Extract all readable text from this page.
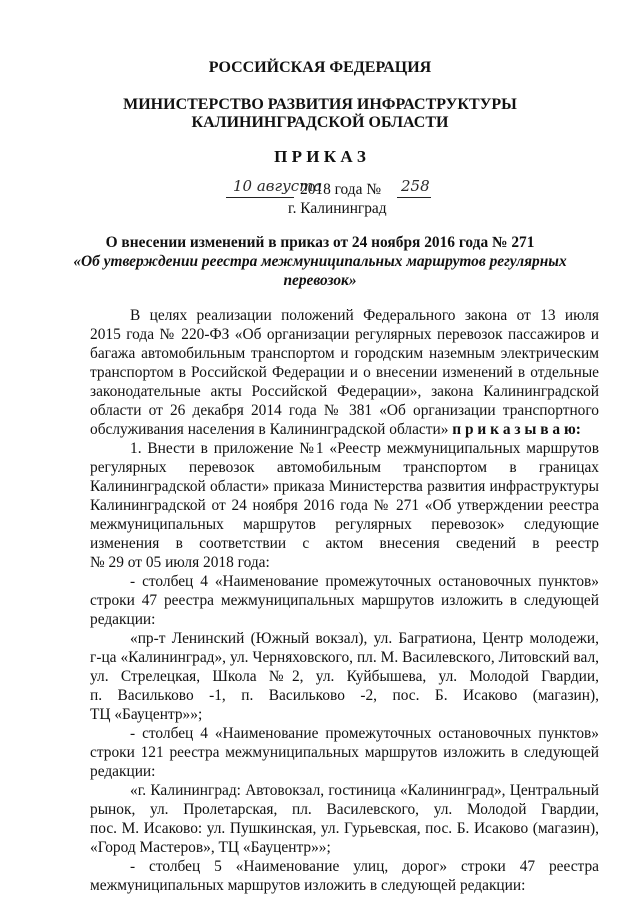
РОССИЙСКАЯ ФЕДЕРАЦИЯ
МИНИСТЕРСТВО РАЗВИТИЯ ИНФРАСТРУКТУРЫ
КАЛИНИНГРАДСКОЙ ОБЛАСТИ
П Р И К А З
10 августа
2018 года № 258
г. Калининград
О внесении изменений в приказ от 24 ноября 2016 года № 271
«Об утверждении реестра межмуниципальных маршрутов регулярных
перевозок»
В целях реализации положений Федерального закона от 13 июля
2015 года № 220-ФЗ «Об организации регулярных перевозок пассажиров и
багажа автомобильным транспортом и городским наземным электрическим
транспортом в Российской Федерации и о внесении изменений в отдельные
законодательные акты Российской Федерации», закона Калининградской
области от 26 декабря 2014 года № 381 «Об организации транспортного
обслуживания населения в Калининградской области» п р и к а з ы в а ю:
1. Внести в приложение №1 «Реестр межмуниципальных маршрутов
регулярных перевозок автомобильным транспортом в границах
Калининградской области» приказа Министерства развития инфраструктуры
Калининградской от 24 ноября 2016 года № 271 «Об утверждении реестра
межмуниципальных маршрутов регулярных перевозок» следующие
изменения в соответствии с актом внесения сведений в реестр
№ 29 от 05 июля 2018 года:
- столбец 4 «Наименование промежуточных остановочных пунктов»
строки 47 реестра межмуниципальных маршрутов изложить в следующей
редакции:
«пр-т Ленинский (Южный вокзал), ул. Багратиона, Центр молодежи,
г-ца «Калининград», ул. Черняховского, пл. М. Василевского, Литовский вал,
ул. Стрелецкая, Школа №2, ул. Куйбышева, ул. Молодой Гвардии,
п. Васильково -1, п. Васильково -2, пос. Б. Исаково (магазин),
ТЦ «Бауцентр»»;
- столбец 4 «Наименование промежуточных остановочных пунктов»
строки 121 реестра межмуниципальных маршрутов изложить в следующей
редакции:
«г. Калининград: Автовокзал, гостиница «Калининград», Центральный
рынок, ул. Пролетарская, пл. Василевского, ул. Молодой Гвардии,
пос. М. Исаково: ул. Пушкинская, ул. Гурьевская, пос. Б. Исаково (магазин),
«Город Мастеров», ТЦ «Бауцентр»»;
- столбец 5 «Наименование улиц, дорог» строки 47 реестра
межмуниципальных маршрутов изложить в следующей редакции:
